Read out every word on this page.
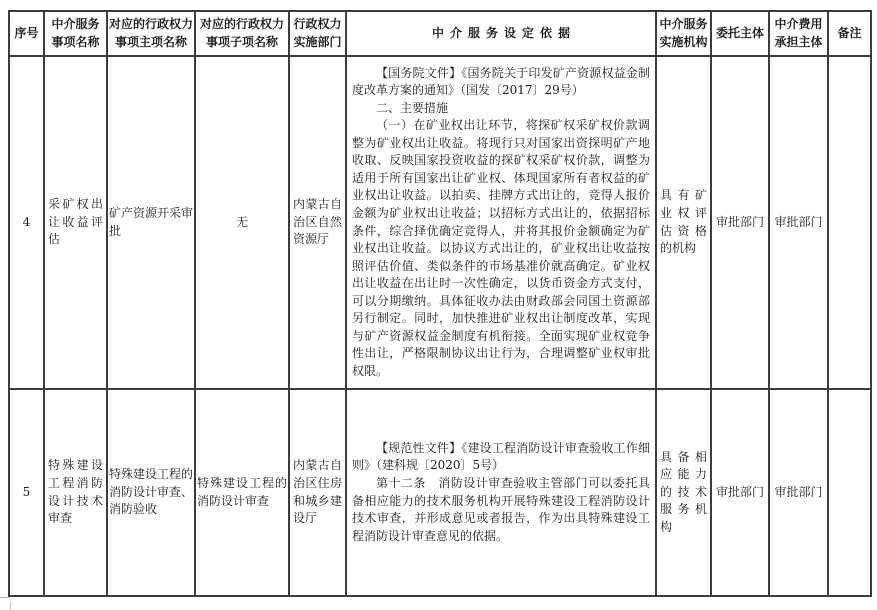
序号	中介服务事项名称	对应的行政权力事项主项名称	对应的行政权力事项子项名称	行政权力实施部门	中介服务设定依据	中介服务实施机构	委托主体	中介费用承担主体	备注
4	采矿权出让收益评估	矿产资源开采审批	无	内蒙古自治区自然资源厅	【国务院文件】《国务院关于印发矿产资源权益金制度改革方案的通知》（国发〔2017〕29号）

二、主要措施

（一）在矿业权出让环节，将探矿权采矿权价款调整为矿业权出让收益。将现行只对国家出资探明矿产地收取、反映国家投资收益的探矿权采矿权价款，调整为适用于所有国家出让矿业权、体现国家所有者权益的矿业权出让收益。以拍卖、挂牌方式出让的，竞得人报价金额为矿业权出让收益；以招标方式出让的，依据招标条件，综合择优确定竞得人，并将其报价金额确定为矿业权出让收益。以协议方式出让的，矿业权出让收益按照评估价值、类似条件的市场基准价就高确定。矿业权出让收益在出让时一次性确定，以货币资金方式支付，可以分期缴纳。具体征收办法由财政部会同国土资源部另行制定。同时，加快推进矿业权出让制度改革，实现与矿产资源权益金制度有机衔接。全面实现矿业权竞争性出让，严格限制协议出让行为，合理调整矿业权审批权限。	具有矿业权评估资格的机构	审批部门	审批部门	
5	特殊建设工程消防设计技术审查	特殊建设工程的消防设计审查、消防验收	特殊建设工程的消防设计审查	内蒙古自治区住房和城乡建设厅	【规范性文件】《建设工程消防设计审查验收工作细则》（建科规〔2020〕5号）

第十二条　消防设计审查验收主管部门可以委托具备相应能力的技术服务机构开展特殊建设工程消防设计技术审查，并形成意见或者报告，作为出具特殊建设工程消防设计审查意见的依据。	具备相应能力的技术服务机构	审批部门	审批部门	
